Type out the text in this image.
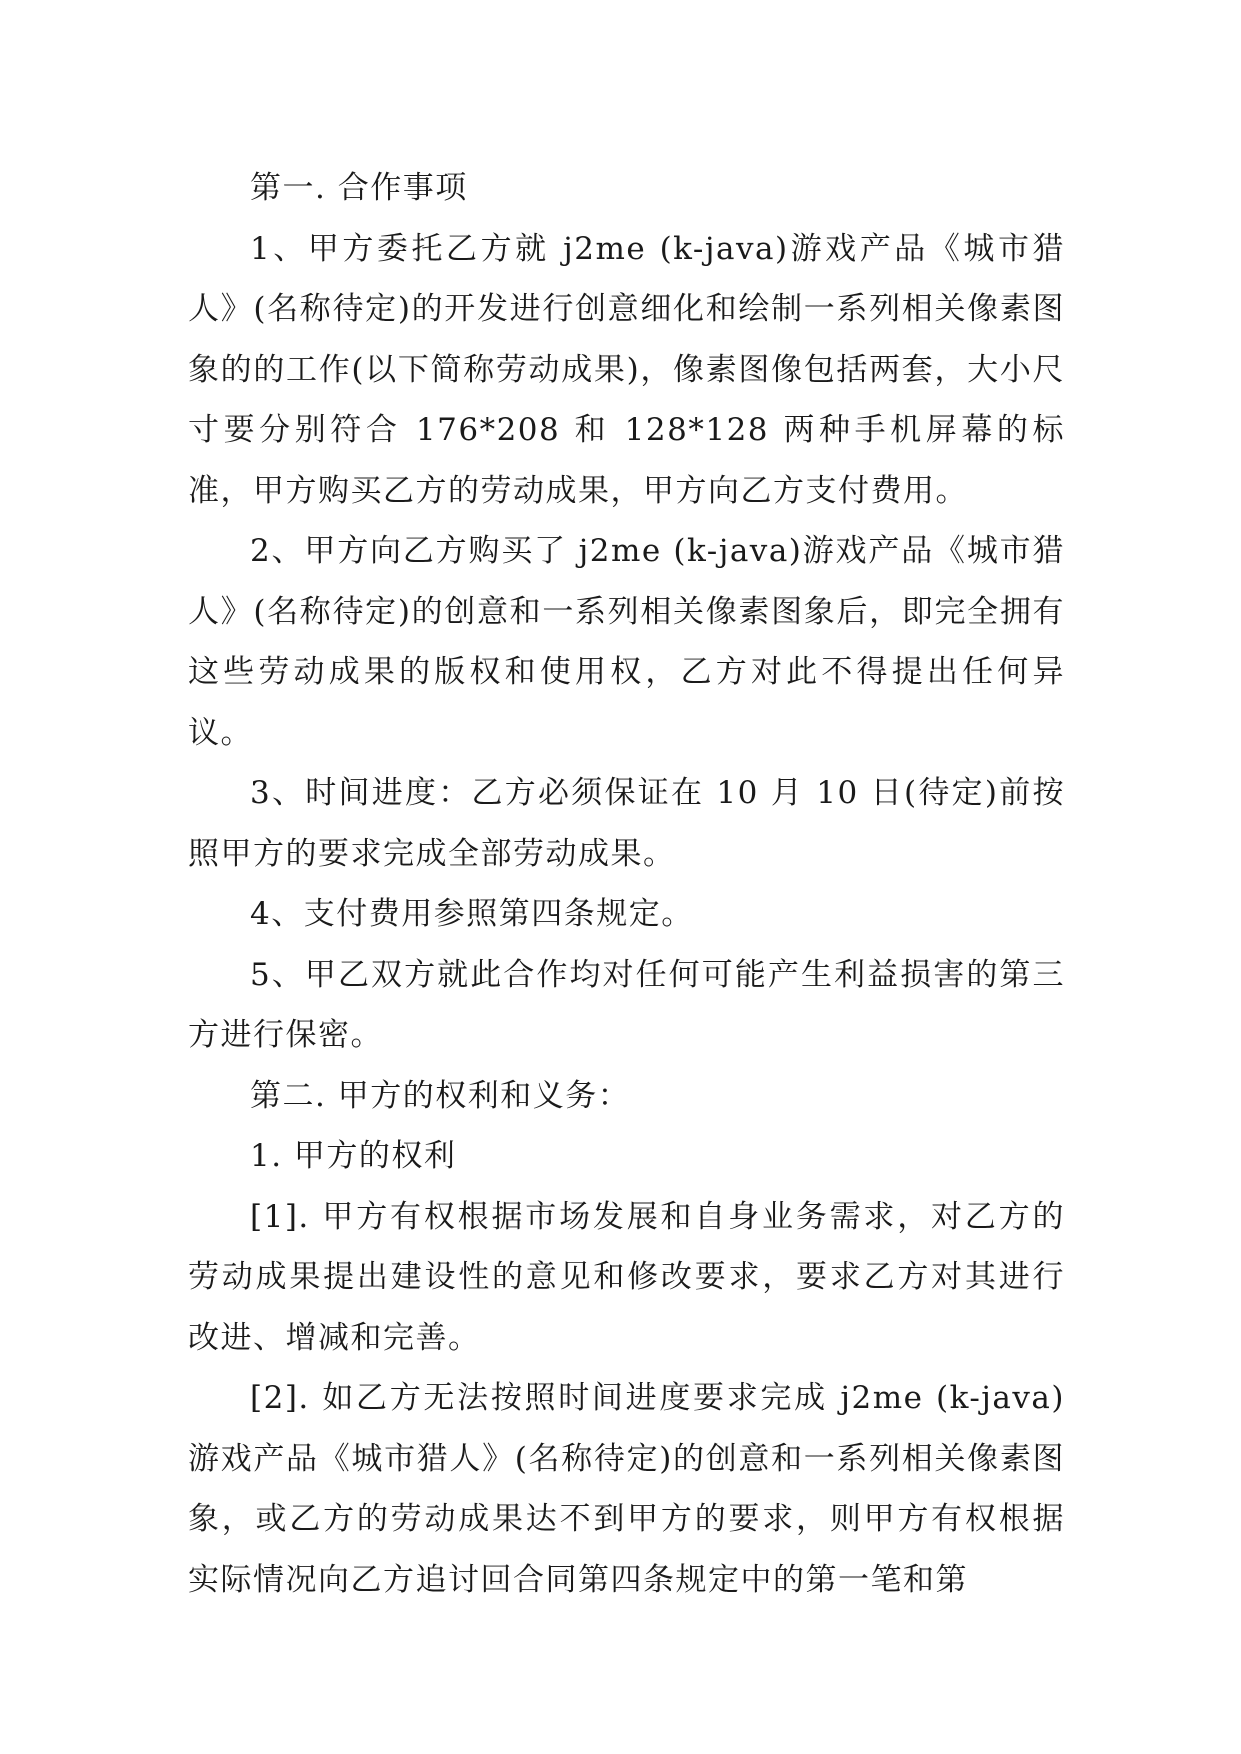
第一. 合作事项

1、甲方委托乙方就 j2me (k-java)游戏产品《城市猎人》(名称待定)的开发进行创意细化和绘制一系列相关像素图象的的工作(以下简称劳动成果)，像素图像包括两套，大小尺寸要分别符合 176*208 和 128*128 两种手机屏幕的标准，甲方购买乙方的劳动成果，甲方向乙方支付费用。

2、甲方向乙方购买了 j2me (k-java)游戏产品《城市猎人》(名称待定)的创意和一系列相关像素图象后，即完全拥有这些劳动成果的版权和使用权，乙方对此不得提出任何异议。

3、时间进度：乙方必须保证在 10 月 10 日(待定)前按照甲方的要求完成全部劳动成果。

4、支付费用参照第四条规定。

5、甲乙双方就此合作均对任何可能产生利益损害的第三方进行保密。

第二. 甲方的权利和义务：

1. 甲方的权利

[1]. 甲方有权根据市场发展和自身业务需求，对乙方的劳动成果提出建设性的意见和修改要求，要求乙方对其进行改进、增减和完善。

[2]. 如乙方无法按照时间进度要求完成 j2me (k-java)游戏产品《城市猎人》(名称待定)的创意和一系列相关像素图象，或乙方的劳动成果达不到甲方的要求，则甲方有权根据实际情况向乙方追讨回合同第四条规定中的第一笔和第
